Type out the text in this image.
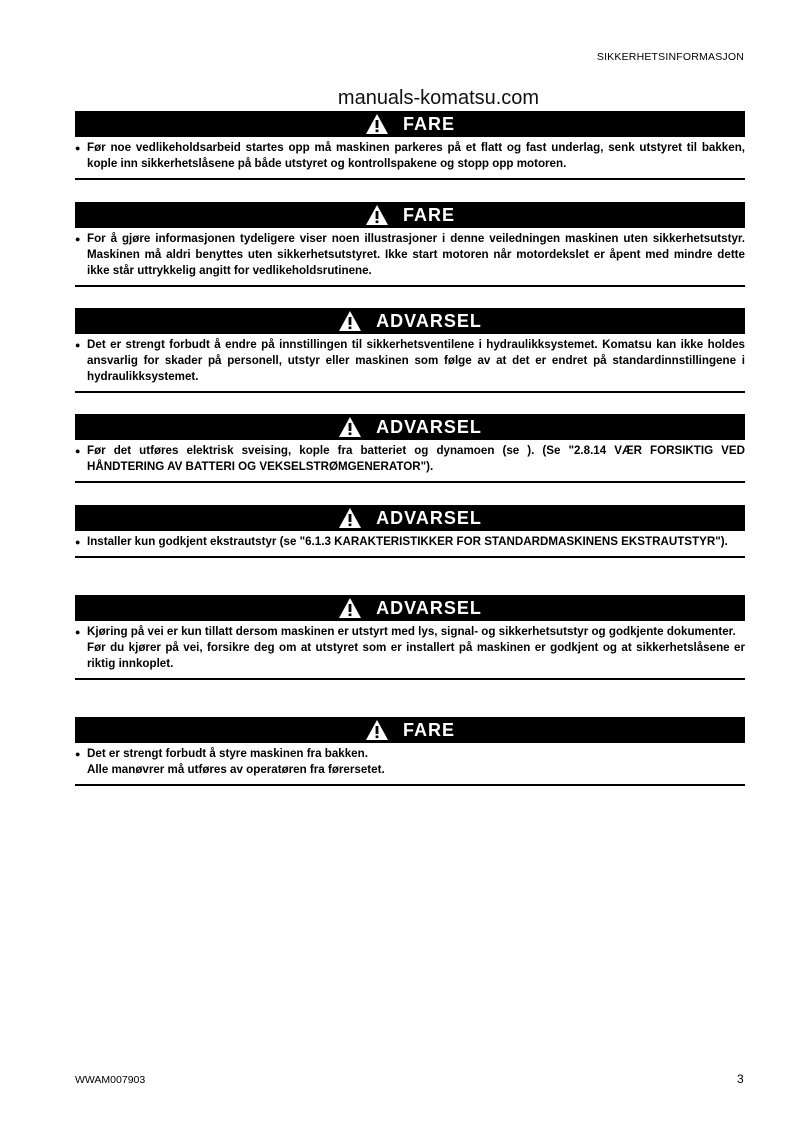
SIKKERHETSINFORMASJON
manuals-komatsu.com
FARE
● Før noe vedlikeholdsarbeid startes opp må maskinen parkeres på et flatt og fast underlag, senk utstyret til bakken, kople inn sikkerhetslåsene på både utstyret og kontrollspakene og stopp opp motoren.

FARE
● For å gjøre informasjonen tydeligere viser noen illustrasjoner i denne veiledningen maskinen uten sikkerhetsutstyr. Maskinen må aldri benyttes uten sikkerhetsutstyret. Ikke start motoren når motordekslet er åpent med mindre dette ikke står uttrykkelig angitt for vedlikeholdsrutinene.

ADVARSEL
● Det er strengt forbudt å endre på innstillingen til sikkerhetsventilene i hydraulikksystemet. Komatsu kan ikke holdes ansvarlig for skader på personell, utstyr eller maskinen som følge av at det er endret på standardinnstillingene i hydraulikksystemet.

ADVARSEL
● Før det utføres elektrisk sveising, kople fra batteriet og dynamoen (se ). (Se "2.8.14 VÆR FORSIKTIG VED HÅNDTERING AV BATTERI OG VEKSELSTRØMGENERATOR").

ADVARSEL
● Installer kun godkjent ekstrautstyr (se "6.1.3 KARAKTERISTIKKER FOR STANDARDMASKINENS EKSTRAUTSTYR").

ADVARSEL
● Kjøring på vei er kun tillatt dersom maskinen er utstyrt med lys, signal- og sikkerhetsutstyr og godkjente dokumenter.

Før du kjører på vei, forsikre deg om at utstyret som er installert på maskinen er godkjent og at sikkerhetslåsene er riktig innkoplet.

FARE
● Det er strengt forbudt å styre maskinen fra bakken.

Alle manøvrer må utføres av operatøren fra førersetet.

WWAM007903	3
